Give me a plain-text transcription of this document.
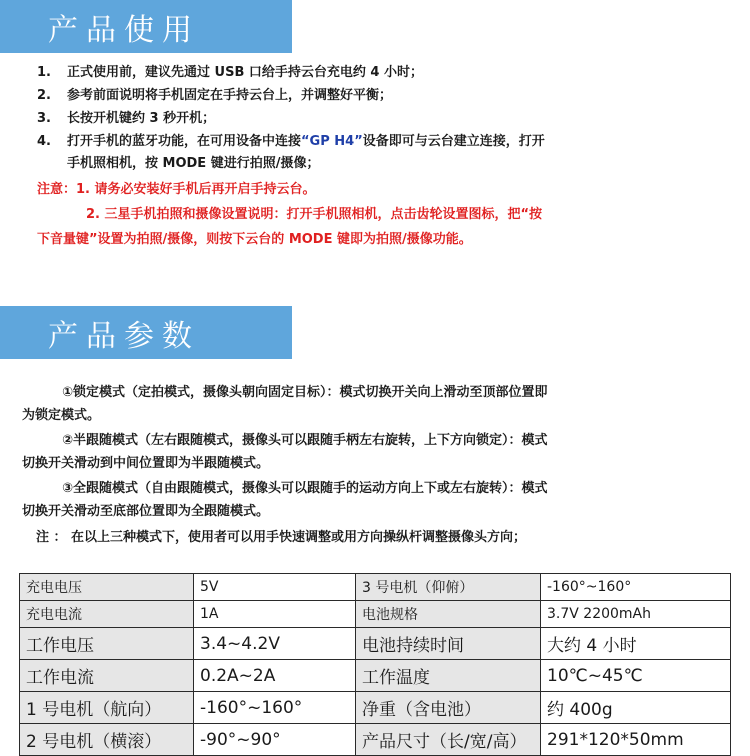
产品使用
1. 正式使用前，建议先通过 USB 口给手持云台充电约 4 小时；
2. 参考前面说明将手机固定在手持云台上，并调整好平衡；
3. 长按开机键约 3 秒开机；
4. 打开手机的蓝牙功能，在可用设备中连接“GP H4”设备即可与云台建立连接，打开
手机照相机，按 MODE 键进行拍照/摄像；
注意：1. 请务必安装好手机后再开启手持云台。
2. 三星手机拍照和摄像设置说明：打开手机照相机，点击齿轮设置图标，把“按
下音量键”设置为拍照/摄像，则按下云台的 MODE 键即为拍照/摄像功能。
产品参数
①锁定模式（定拍模式，摄像头朝向固定目标）：模式切换开关向上滑动至顶部位置即
为锁定模式。
②半跟随模式（左右跟随模式，摄像头可以跟随手柄左右旋转，上下方向锁定）：模式
切换开关滑动到中间位置即为半跟随模式。
③全跟随模式（自由跟随模式，摄像头可以跟随手的运动方向上下或左右旋转）：模式
切换开关滑动至底部位置即为全跟随模式。
注 ： 在以上三种模式下，使用者可以用手快速调整或用方向操纵杆调整摄像头方向；
充电电压	5V	3 号电机（仰俯）	-160°~160°
充电电流	1A	电池规格	3.7V 2200mAh
工作电压	3.4~4.2V	电池持续时间	大约 4 小时
工作电流	0.2A~2A	工作温度	10℃~45℃
1 号电机（航向）	-160°~160°	净重（含电池）	约 400g
2 号电机（横滚）	-90°~90°	产品尺寸（长/宽/高）	291*120*50mm
